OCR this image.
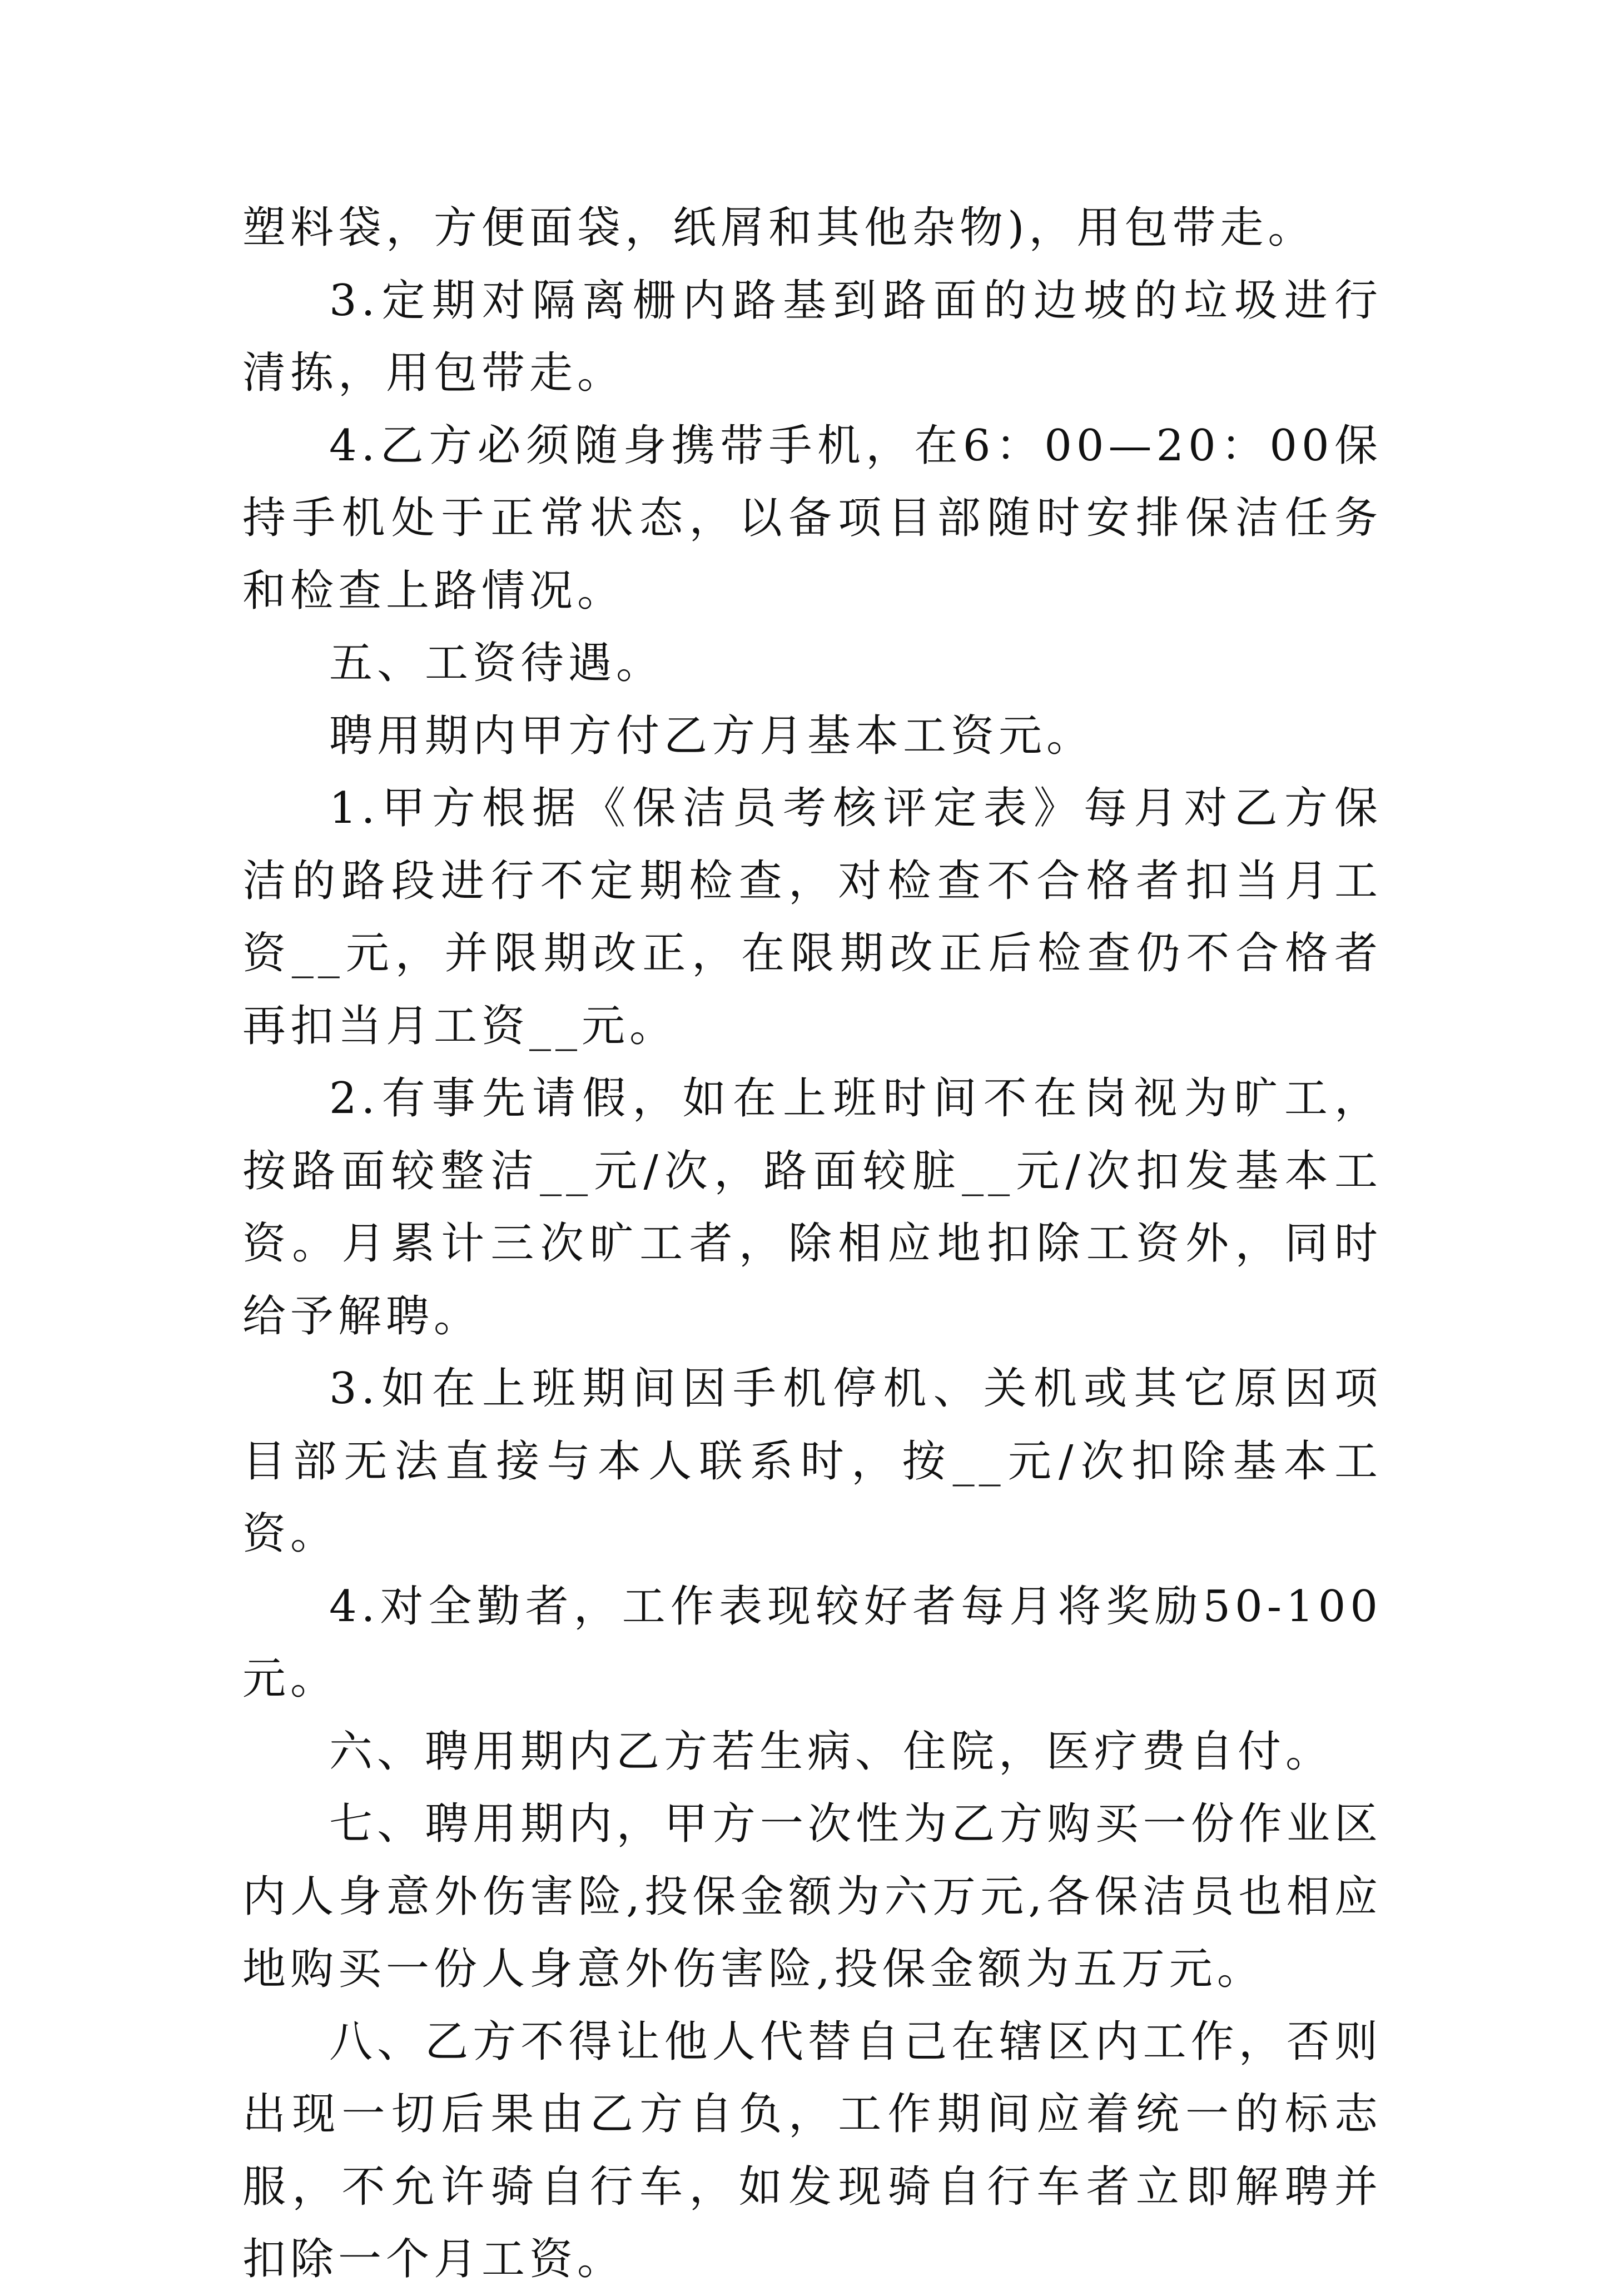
塑料袋，方便面袋，纸屑和其他杂物)，用包带走。

3.定期对隔离栅内路基到路面的边坡的垃圾进行清拣，用包带走。

4.乙方必须随身携带手机，在6：00—20：00保持手机处于正常状态，以备项目部随时安排保洁任务和检查上路情况。

五、工资待遇。

聘用期内甲方付乙方月基本工资元。

1.甲方根据《保洁员考核评定表》每月对乙方保洁的路段进行不定期检查，对检查不合格者扣当月工资__元，并限期改正，在限期改正后检查仍不合格者再扣当月工资__元。

2.有事先请假，如在上班时间不在岗视为旷工，按路面较整洁__元/次，路面较脏__元/次扣发基本工资。月累计三次旷工者，除相应地扣除工资外，同时给予解聘。

3.如在上班期间因手机停机、关机或其它原因项目部无法直接与本人联系时，按__元/次扣除基本工资。

4.对全勤者，工作表现较好者每月将奖励50-100元。

六、聘用期内乙方若生病、住院，医疗费自付。

七、聘用期内，甲方一次性为乙方购买一份作业区内人身意外伤害险,投保金额为六万元,各保洁员也相应地购买一份人身意外伤害险,投保金额为五万元。

八、乙方不得让他人代替自己在辖区内工作，否则出现一切后果由乙方自负，工作期间应着统一的标志服，不允许骑自行车，如发现骑自行车者立即解聘并扣除一个月工资。
